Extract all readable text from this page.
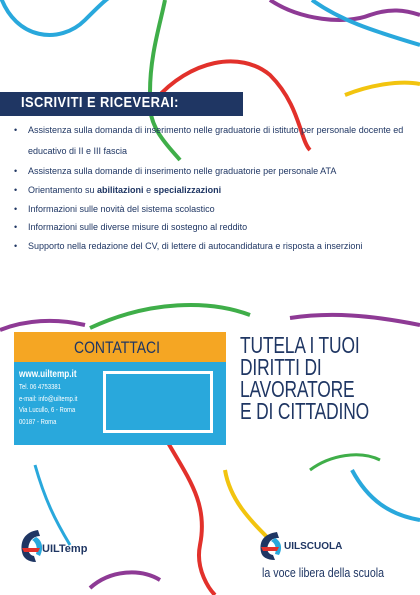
ISCRIVITI E RICEVERAI:
• Assistenza sulla domanda di inserimento nelle graduatorie di istituto per personale docente ed educativo di II e III fascia
• Assistenza sulla domande di inserimento nelle graduatorie per personale ATA
• Orientamento su abilitazioni e specializzazioni
• Informazioni sulle novità del sistema scolastico
• Informazioni sulle diverse misure di sostegno al reddito
• Supporto nella redazione del CV, di lettere di autocandidatura e risposta a inserzioni
CONTATTACI
www.uiltemp.it
Tel. 06 4753381
e-mail: info@uiltemp.it
Via Lucullo, 6 - Roma
00187 - Roma
TUTELA I TUOI
DIRITTI DI
LAVORATORE
E DI CITTADINO
UILTemp	UILSCUOLA
la voce libera della scuola
